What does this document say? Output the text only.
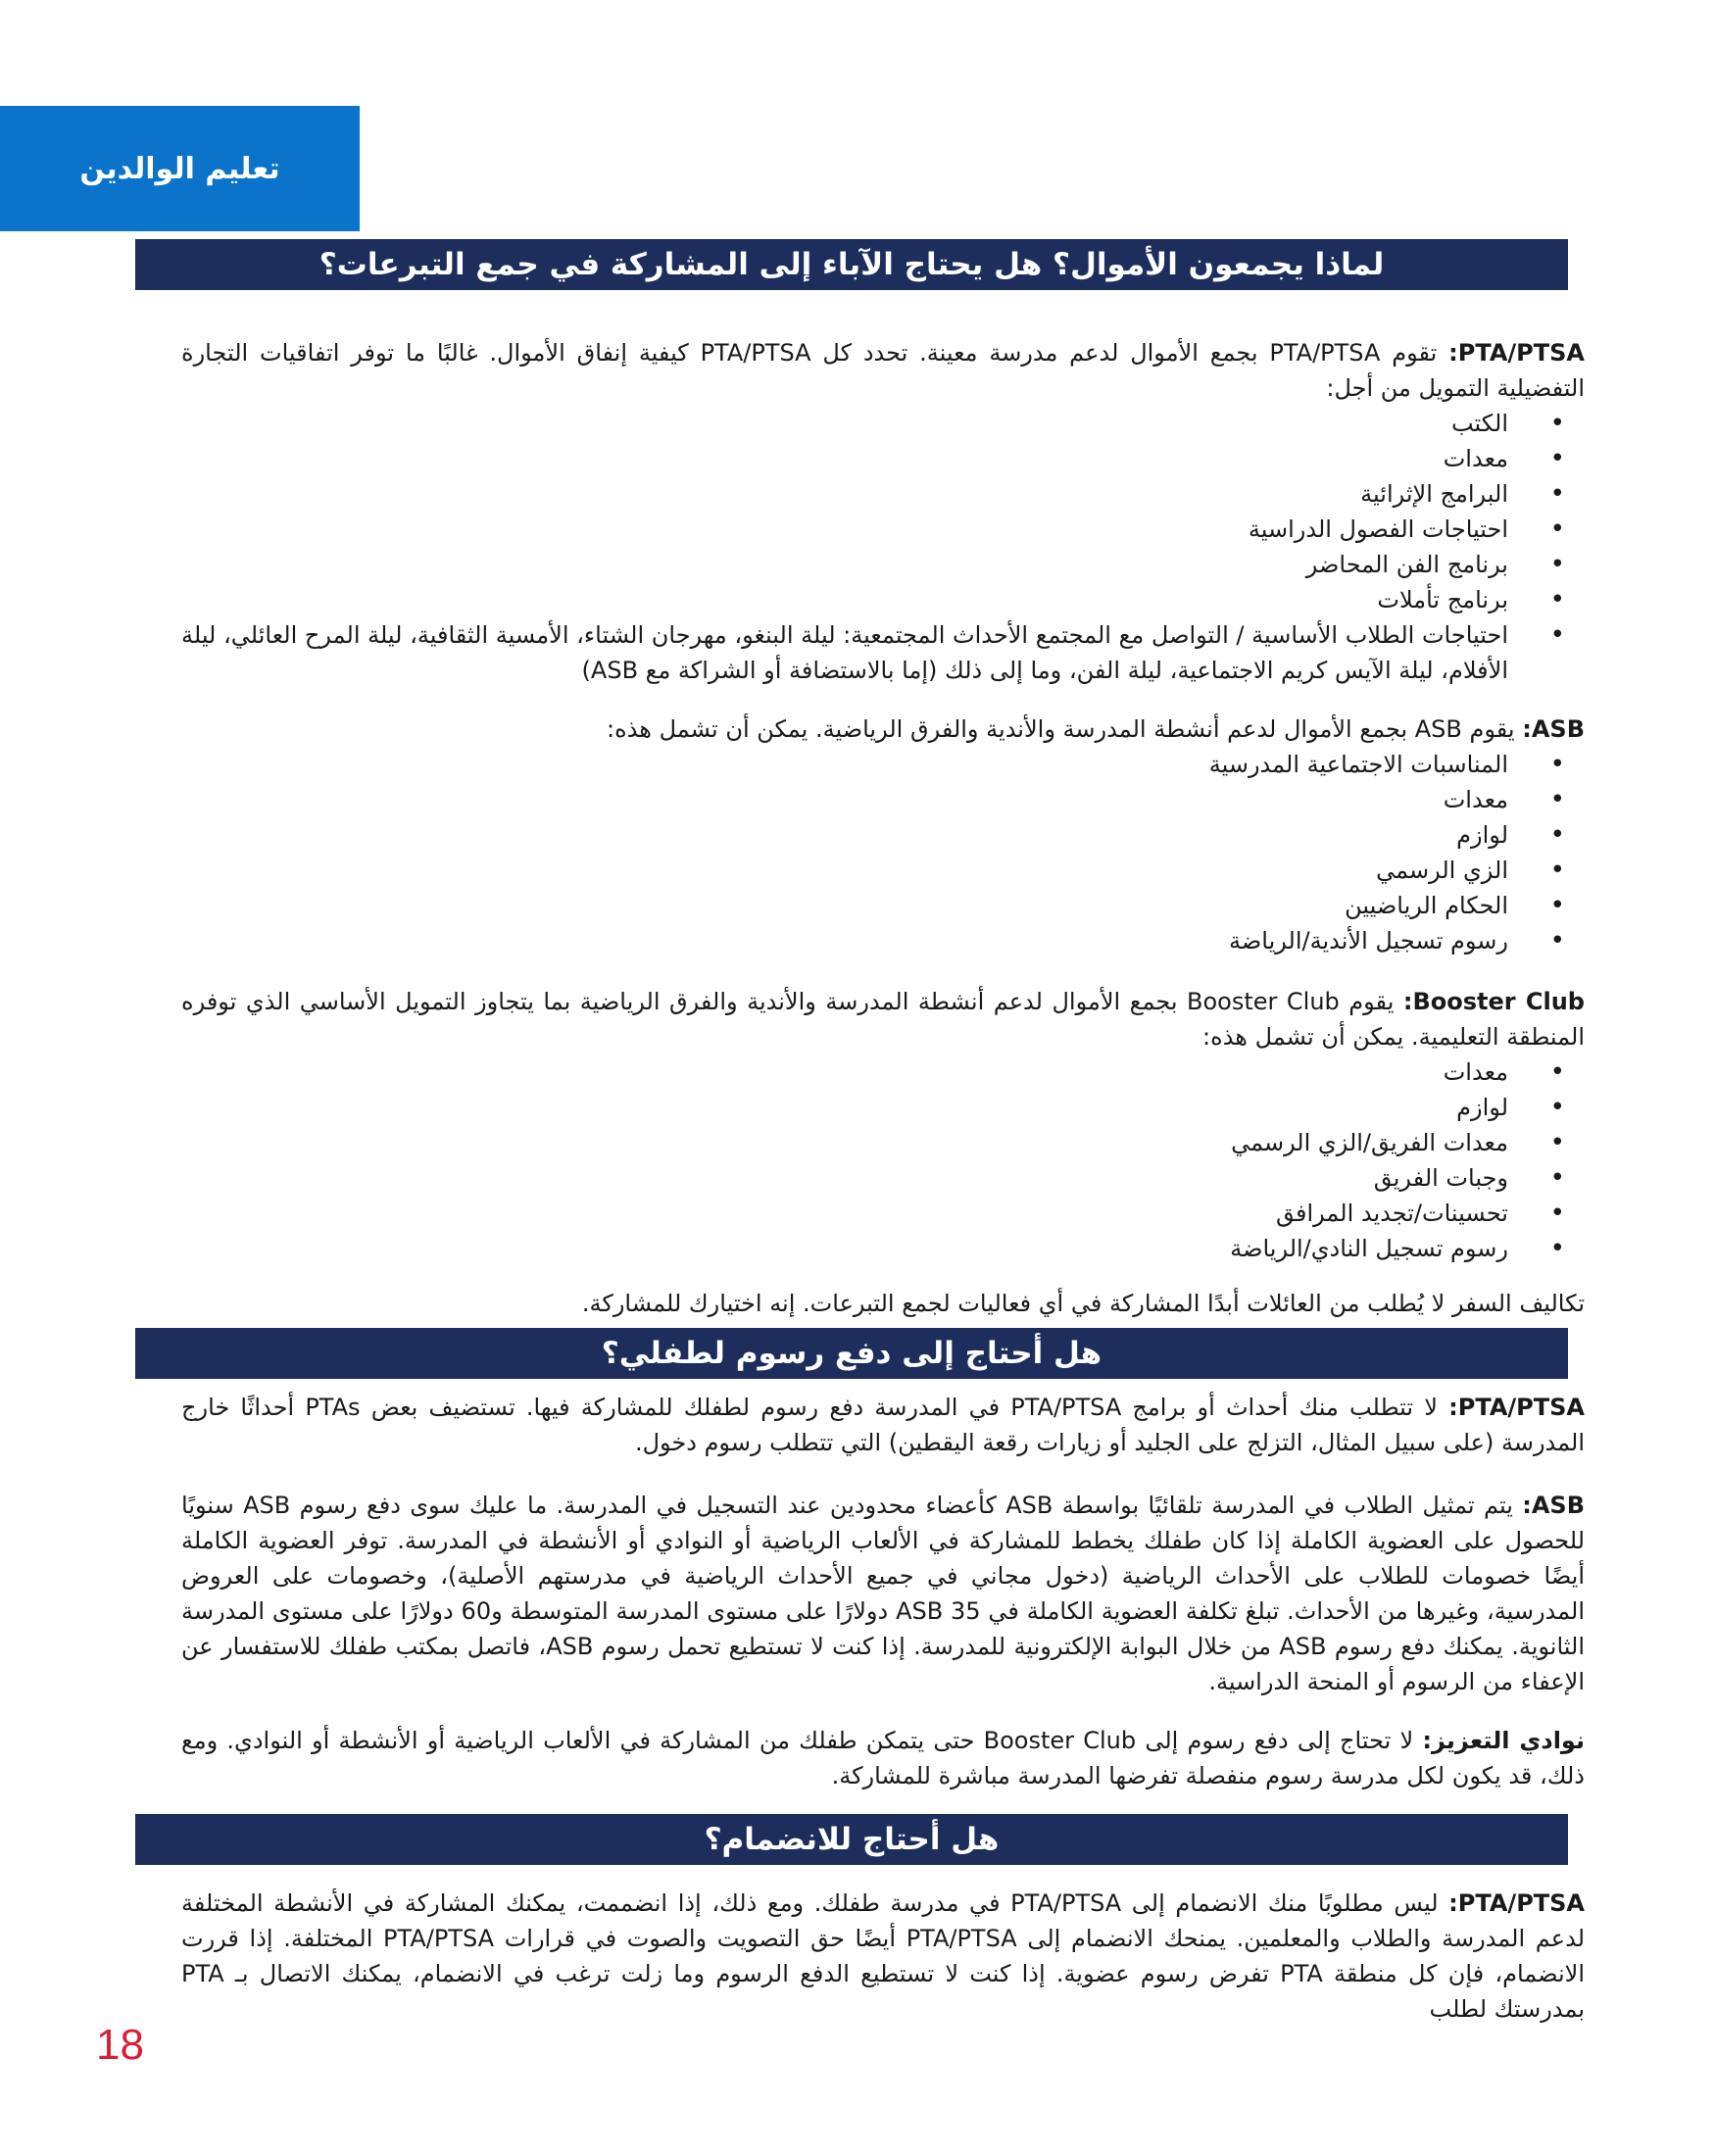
تعليم الوالدين
لماذا يجمعون الأموال؟ هل يحتاج الآباء إلى المشاركة في جمع التبرعات؟

PTA/PTSA: تقوم PTA/PTSA بجمع الأموال لدعم مدرسة معينة. تحدد كل PTA/PTSA كيفية إنفاق الأموال. غالبًا ما توفر اتفاقيات التجارة التفضيلية التمويل من أجل:

• الكتب
• معدات
• البرامج الإثرائية
• احتياجات الفصول الدراسية
• برنامج الفن المحاضر
• برنامج تأملات
• احتياجات الطلاب الأساسية / التواصل مع المجتمع الأحداث المجتمعية: ليلة البنغو، مهرجان الشتاء، الأمسية الثقافية، ليلة المرح العائلي، ليلة الأفلام، ليلة الآيس كريم الاجتماعية، ليلة الفن، وما إلى ذلك (إما بالاستضافة أو الشراكة مع ASB)

ASB: يقوم ASB بجمع الأموال لدعم أنشطة المدرسة والأندية والفرق الرياضية. يمكن أن تشمل هذه:

• المناسبات الاجتماعية المدرسية
• معدات
• لوازم
• الزي الرسمي
• الحكام الرياضيين
• رسوم تسجيل الأندية/الرياضة

Booster Club: يقوم Booster Club بجمع الأموال لدعم أنشطة المدرسة والأندية والفرق الرياضية بما يتجاوز التمويل الأساسي الذي توفره المنطقة التعليمية. يمكن أن تشمل هذه:

• معدات
• لوازم
• معدات الفريق/الزي الرسمي
• وجبات الفريق
• تحسينات/تجديد المرافق
• رسوم تسجيل النادي/الرياضة

تكاليف السفر لا يُطلب من العائلات أبدًا المشاركة في أي فعاليات لجمع التبرعات. إنه اختيارك للمشاركة.

هل أحتاج إلى دفع رسوم لطفلي؟

PTA/PTSA: لا تتطلب منك أحداث أو برامج PTA/PTSA في المدرسة دفع رسوم لطفلك للمشاركة فيها. تستضيف بعض PTAs أحداثًا خارج المدرسة (على سبيل المثال، التزلج على الجليد أو زيارات رقعة اليقطين) التي تتطلب رسوم دخول.

ASB: يتم تمثيل الطلاب في المدرسة تلقائيًا بواسطة ASB كأعضاء محدودين عند التسجيل في المدرسة. ما عليك سوى دفع رسوم ASB سنويًا للحصول على العضوية الكاملة إذا كان طفلك يخطط للمشاركة في الألعاب الرياضية أو النوادي أو الأنشطة في المدرسة. توفر العضوية الكاملة أيضًا خصومات للطلاب على الأحداث الرياضية (دخول مجاني في جميع الأحداث الرياضية في مدرستهم الأصلية)، وخصومات على العروض المدرسية، وغيرها من الأحداث. تبلغ تكلفة العضوية الكاملة في ASB 35 دولارًا على مستوى المدرسة المتوسطة و60 دولارًا على مستوى المدرسة الثانوية. يمكنك دفع رسوم ASB من خلال البوابة الإلكترونية للمدرسة. إذا كنت لا تستطيع تحمل رسوم ASB، فاتصل بمكتب طفلك للاستفسار عن الإعفاء من الرسوم أو المنحة الدراسية.

نوادي التعزيز: لا تحتاج إلى دفع رسوم إلى Booster Club حتى يتمكن طفلك من المشاركة في الألعاب الرياضية أو الأنشطة أو النوادي. ومع ذلك، قد يكون لكل مدرسة رسوم منفصلة تفرضها المدرسة مباشرة للمشاركة.

هل أحتاج للانضمام؟

PTA/PTSA: ليس مطلوبًا منك الانضمام إلى PTA/PTSA في مدرسة طفلك. ومع ذلك، إذا انضممت، يمكنك المشاركة في الأنشطة المختلفة لدعم المدرسة والطلاب والمعلمين. يمنحك الانضمام إلى PTA/PTSA أيضًا حق التصويت والصوت في قرارات PTA/PTSA المختلفة. إذا قررت الانضمام، فإن كل منطقة PTA تفرض رسوم عضوية. إذا كنت لا تستطيع الدفع الرسوم وما زلت ترغب في الانضمام، يمكنك الاتصال بـ PTA بمدرستك لطلب

18
